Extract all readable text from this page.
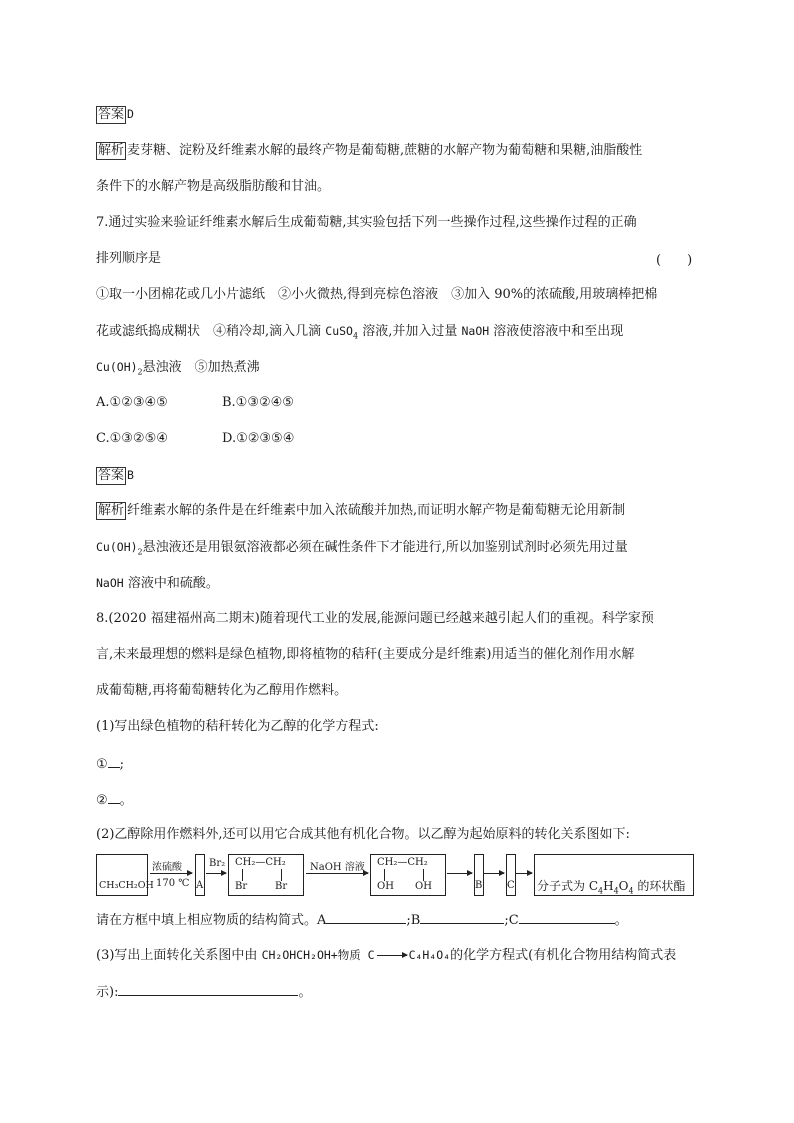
答案 D
解析 麦芽糖、淀粉及纤维素水解的最终产物是葡萄糖,蔗糖的水解产物为葡萄糖和果糖,油脂酸性
条件下的水解产物是高级脂肪酸和甘油。
7.通过实验来验证纤维素水解后生成葡萄糖,其实验包括下列一些操作过程,这些操作过程的正确
排列顺序是	(　　)
①取一小团棉花或几小片滤纸　②小火微热,得到亮棕色溶液　③加入 90%的浓硫酸,用玻璃棒把棉
花或滤纸捣成糊状　④稍冷却,滴入几滴 CuSO$_4$ 溶液,并加入过量 NaOH 溶液使溶液中和至出现
$Cu(OH)_2$悬浊液　⑤加热煮沸
A.①②③④⑤	B.①③②④⑤
C.①③②⑤④	D.①②③⑤④
答案 B
解析 纤维素水解的条件是在纤维素中加入浓硫酸并加热,而证明水解产物是葡萄糖无论用新制
$Cu(OH)_2$悬浊液还是用银氨溶液都必须在碱性条件下才能进行,所以加鉴别试剂时必须先用过量
NaOH 溶液中和硫酸。
8.(2020 福建福州高二期末)随着现代工业的发展,能源问题已经越来越引起人们的重视。科学家预
言,未来最理想的燃料是绿色植物,即将植物的秸秆(主要成分是纤维素)用适当的催化剂作用水解
成葡萄糖,再将葡萄糖转化为乙醇用作燃料。
(1)写出绿色植物的秸秆转化为乙醇的化学方程式:
① ;
② 。
(2)乙醇除用作燃料外,还可以用它合成其他有机化合物。以乙醇为起始原料的转化关系图如下:
CH₃CH₂OH
浓硫酸
170 ℃ A
Br₂ CH₂—CH₂
Br	Br
NaOH 溶液 CH₂—CH₂
OH OH	B C 分子式为 $C_4H_4O_4$ 的环状酯
请在方框中填上相应物质的结构简式。A	;B	;C	。
(3)写出上面转化关系图中由 CH₂OHCH₂OH+物质 C	C₄H₄O₄的化学方程式(有机化合物用结构简式表
示):	。
